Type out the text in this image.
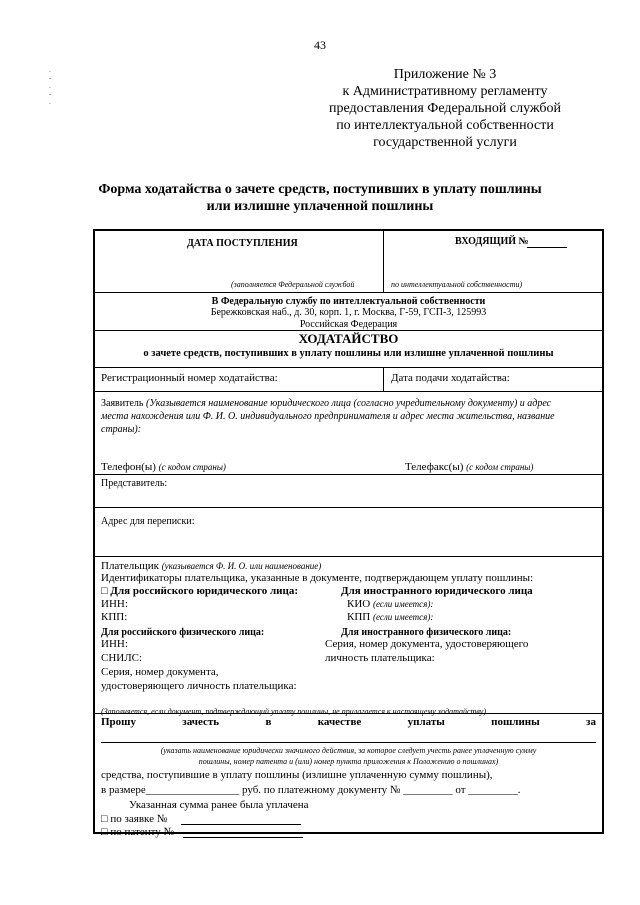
43
.
-
.
-
.
Приложение № 3
к Административному регламенту
предоставления Федеральной службой
по интеллектуальной собственности
государственной услуги
Форма ходатайства о зачете средств, поступивших в уплату пошлины
или излишне уплаченной пошлины
ДАТА ПОСТУПЛЕНИЯ	ВХОДЯЩИЙ №
(заполняется Федеральной службой	по интеллектуальной собственности)
В Федеральную службу по интеллектуальной собственности
Бережковская наб., д. 30, корп. 1, г. Москва, Г-59, ГСП-3, 125993
Российская Федерация
ХОДАТАЙСТВО
о зачете средств, поступивших в уплату пошлины или излишне уплаченной пошлины
Регистрационный номер ходатайства:	Дата подачи ходатайства:
Заявитель (Указывается наименование юридического лица (согласно учредительному документу) и адрес
места нахождения или Ф. И. О. индивидуального предпринимателя и адрес места жительства, название
страны):
Телефон(ы) (с кодом страны)	Телефакс(ы) (с кодом страны)
Представитель:
Адрес для переписки:
Плательщик (указывается Ф. И. О. или наименование)
Идентификаторы плательщика, указанные в документе, подтверждающем уплату пошлины:
□ Для российского юридического лица:	Для иностранного юридического лица
ИНН:	КИО (если имеется):
КПП:	КПП (если имеется):
Для российского физического лица:	Для иностранного физического лица:
ИНН:	Серия, номер документа, удостоверяющего
СНИЛС:	личность плательщика:
Серия, номер документа,
удостоверяющего личность плательщика:
(Заполняется, если документ, подтверждающий уплату пошлины, не прилагается к настоящему ходатайству)
Прошу	зачесть	в	качестве	уплаты	пошлины	за
(указать наименование юридически значимого действия, за которое следует учесть ранее уплаченную сумму
пошлины, номер патента и (или) номер пункта приложения к Положению о пошлинах)
средства, поступившие в уплату пошлины (излишне уплаченную сумму пошлины),
в размере_________________ руб. по платежному документу № _________ от _________.
Указанная сумма ранее была уплачена
□ по заявке №
□ по патенту №
